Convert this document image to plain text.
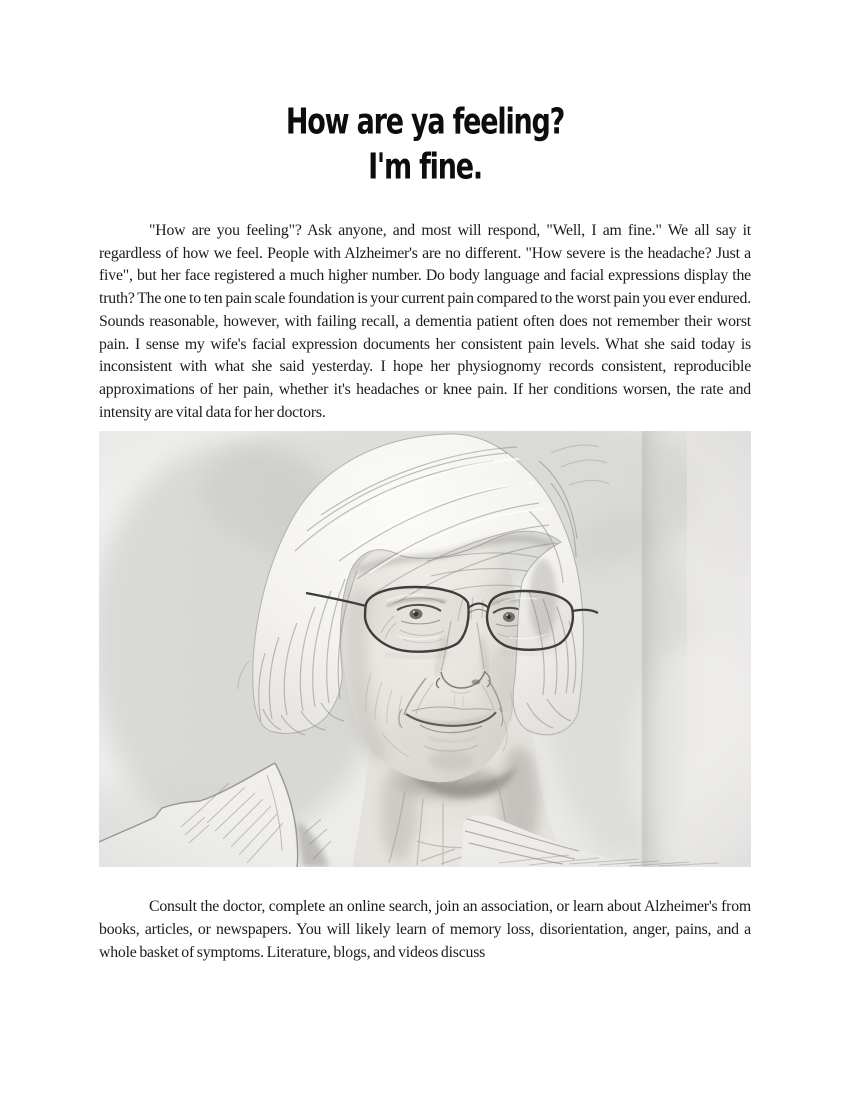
How are ya feeling?
I'm fine.

"How are you feeling"? Ask anyone, and most will respond, "Well, I am fine." We all say it regardless of how we feel. People with Alzheimer's are no different. "How severe is the headache? Just a five", but her face registered a much higher number. Do body language and facial expressions display the truth? The one to ten pain scale foundation is your current pain compared to the worst pain you ever endured. Sounds reasonable, however, with failing recall, a dementia patient often does not remember their worst pain. I sense my wife's facial expression documents her consistent pain levels. What she said today is inconsistent with what she said yesterday. I hope her physiognomy records consistent, reproducible approximations of her pain, whether it's headaches or knee pain. If her conditions worsen, the rate and intensity are vital data for her doctors.

Consult the doctor, complete an online search, join an association, or learn about Alzheimer's from books, articles, or newspapers. You will likely learn of memory loss, disorientation, anger, pains, and a whole basket of symptoms. Literature, blogs, and videos discuss
